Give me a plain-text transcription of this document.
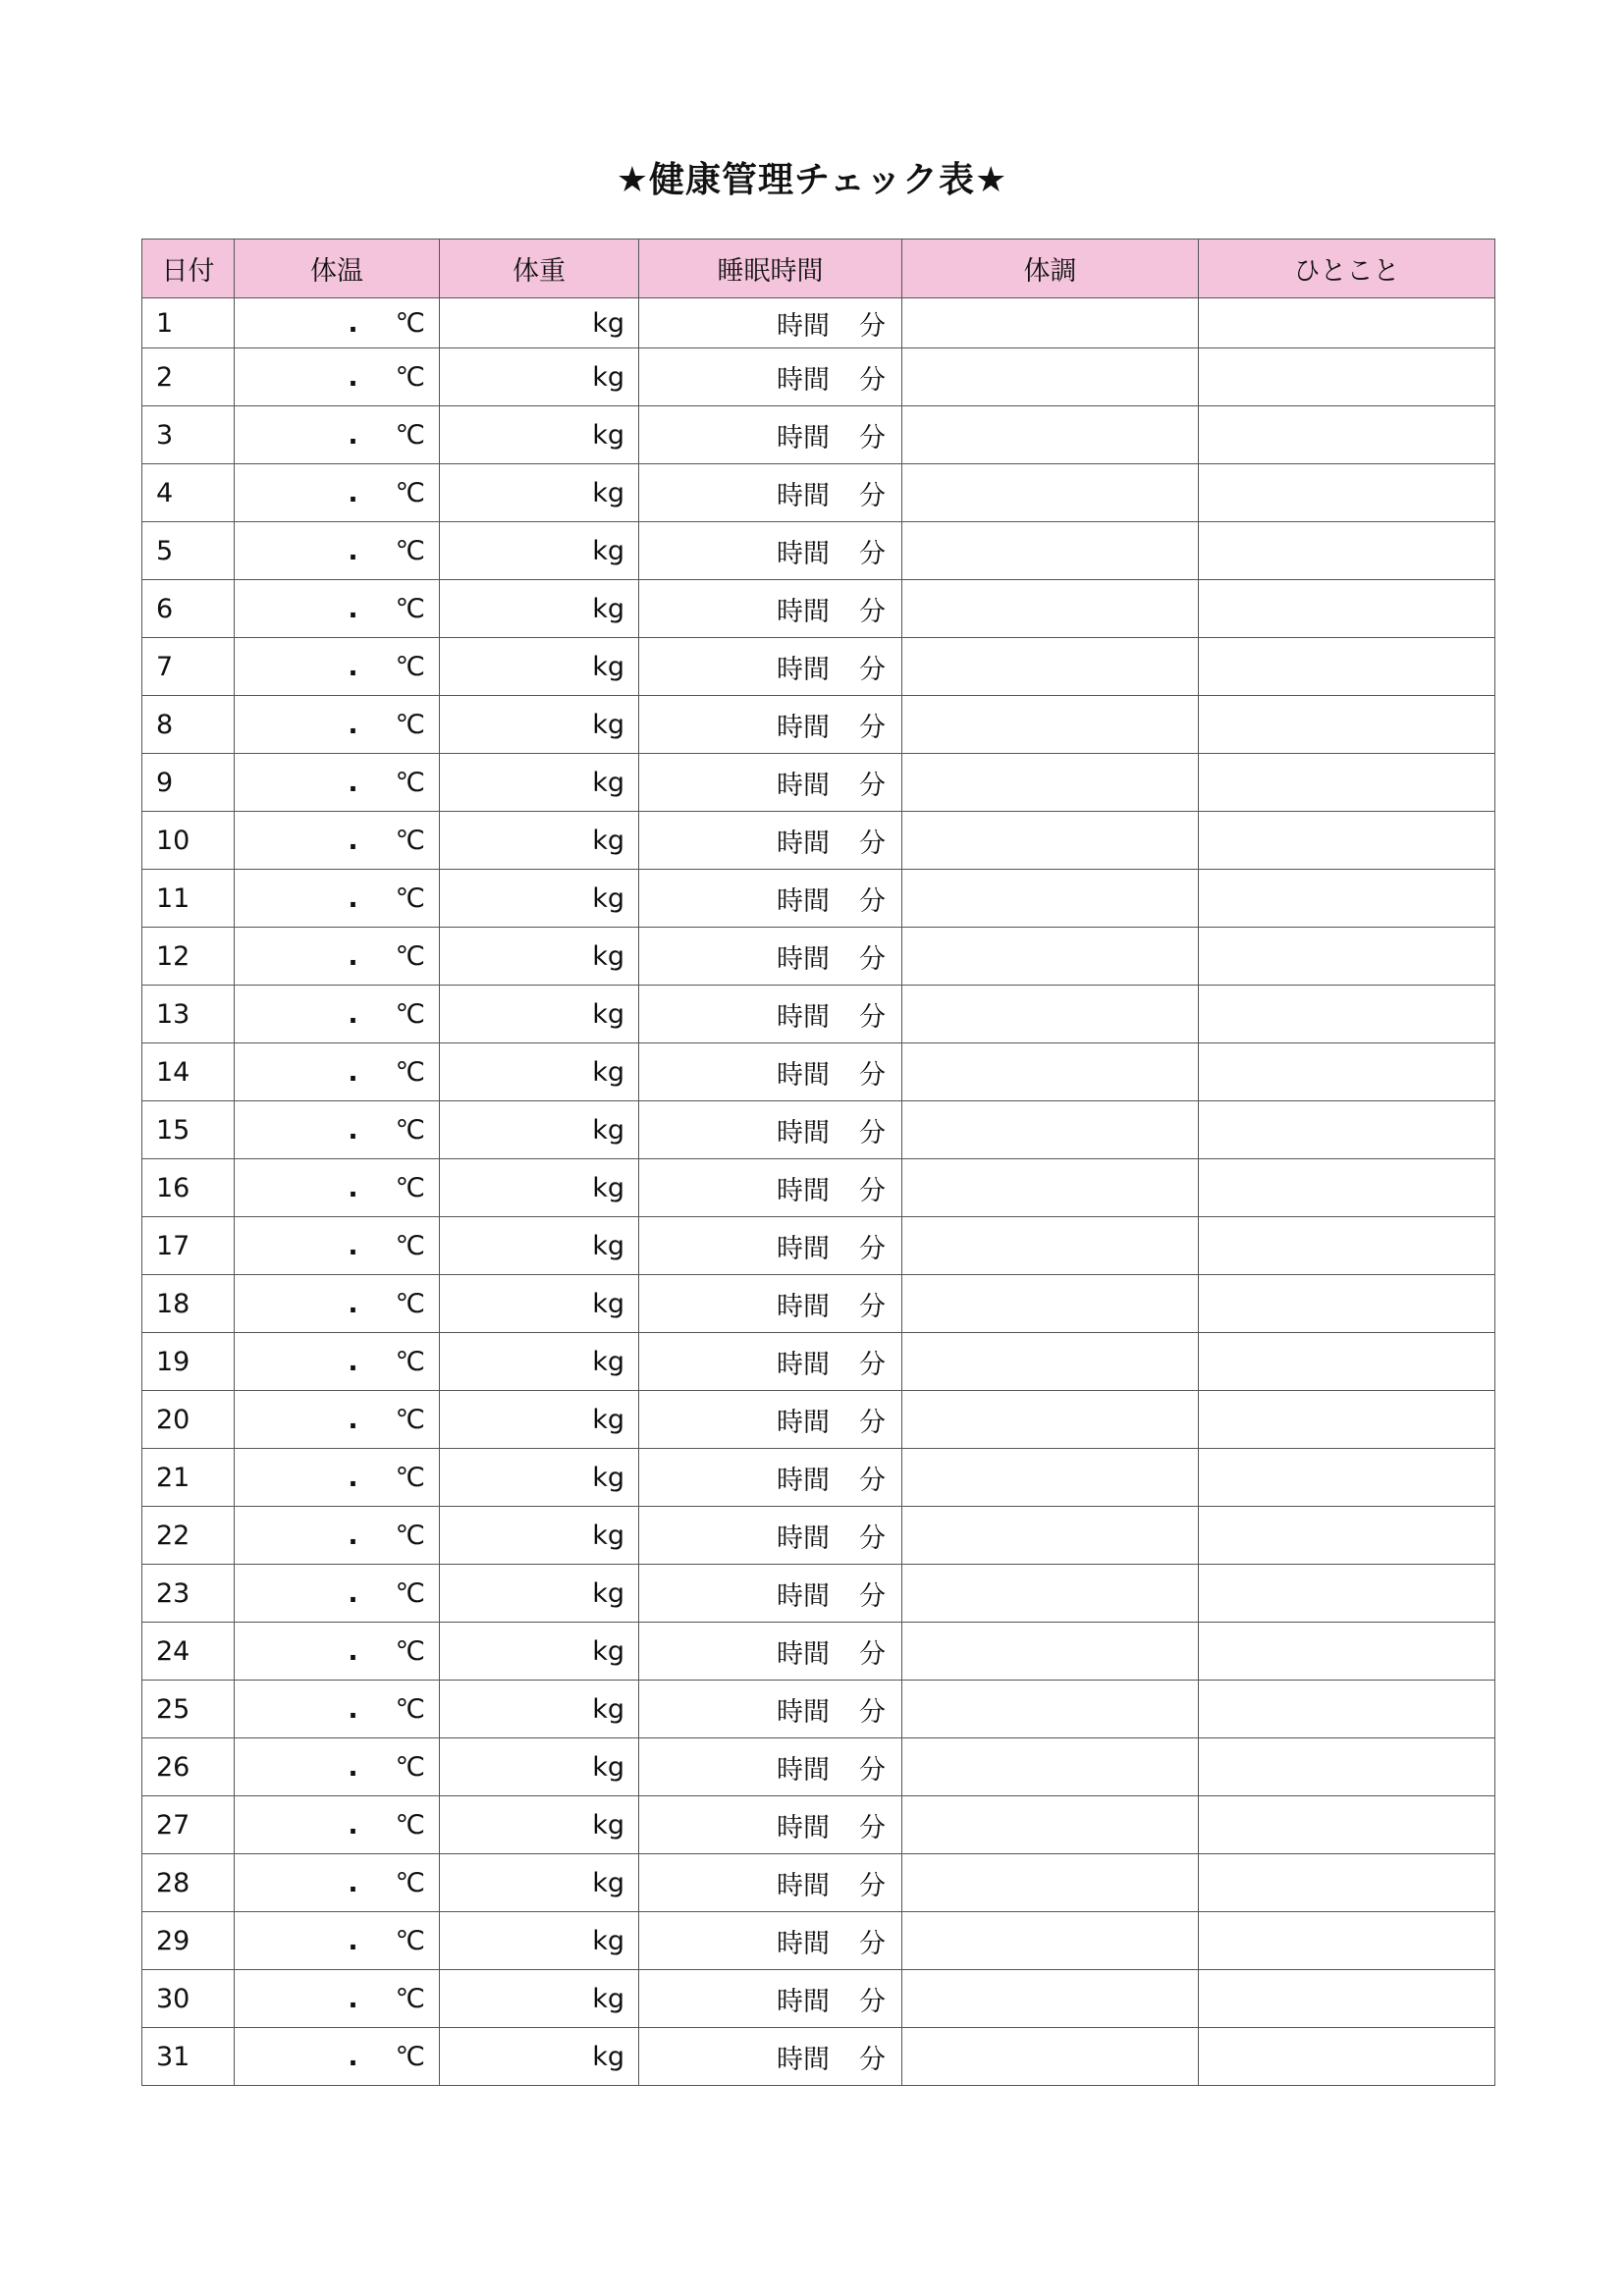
★健康管理チェック表★
日付	体温	体重	睡眠時間	体調	ひとこと
1	. ℃	kg	時間 分		
2	. ℃	kg	時間 分		
3	. ℃	kg	時間 分		
4	. ℃	kg	時間 分		
5	. ℃	kg	時間 分		
6	. ℃	kg	時間 分		
7	. ℃	kg	時間 分		
8	. ℃	kg	時間 分		
9	. ℃	kg	時間 分		
10	. ℃	kg	時間 分		
11	. ℃	kg	時間 分		
12	. ℃	kg	時間 分		
13	. ℃	kg	時間 分		
14	. ℃	kg	時間 分		
15	. ℃	kg	時間 分		
16	. ℃	kg	時間 分		
17	. ℃	kg	時間 分		
18	. ℃	kg	時間 分		
19	. ℃	kg	時間 分		
20	. ℃	kg	時間 分		
21	. ℃	kg	時間 分		
22	. ℃	kg	時間 分		
23	. ℃	kg	時間 分		
24	. ℃	kg	時間 分		
25	. ℃	kg	時間 分		
26	. ℃	kg	時間 分		
27	. ℃	kg	時間 分		
28	. ℃	kg	時間 分		
29	. ℃	kg	時間 分		
30	. ℃	kg	時間 分		
31	. ℃	kg	時間 分		
